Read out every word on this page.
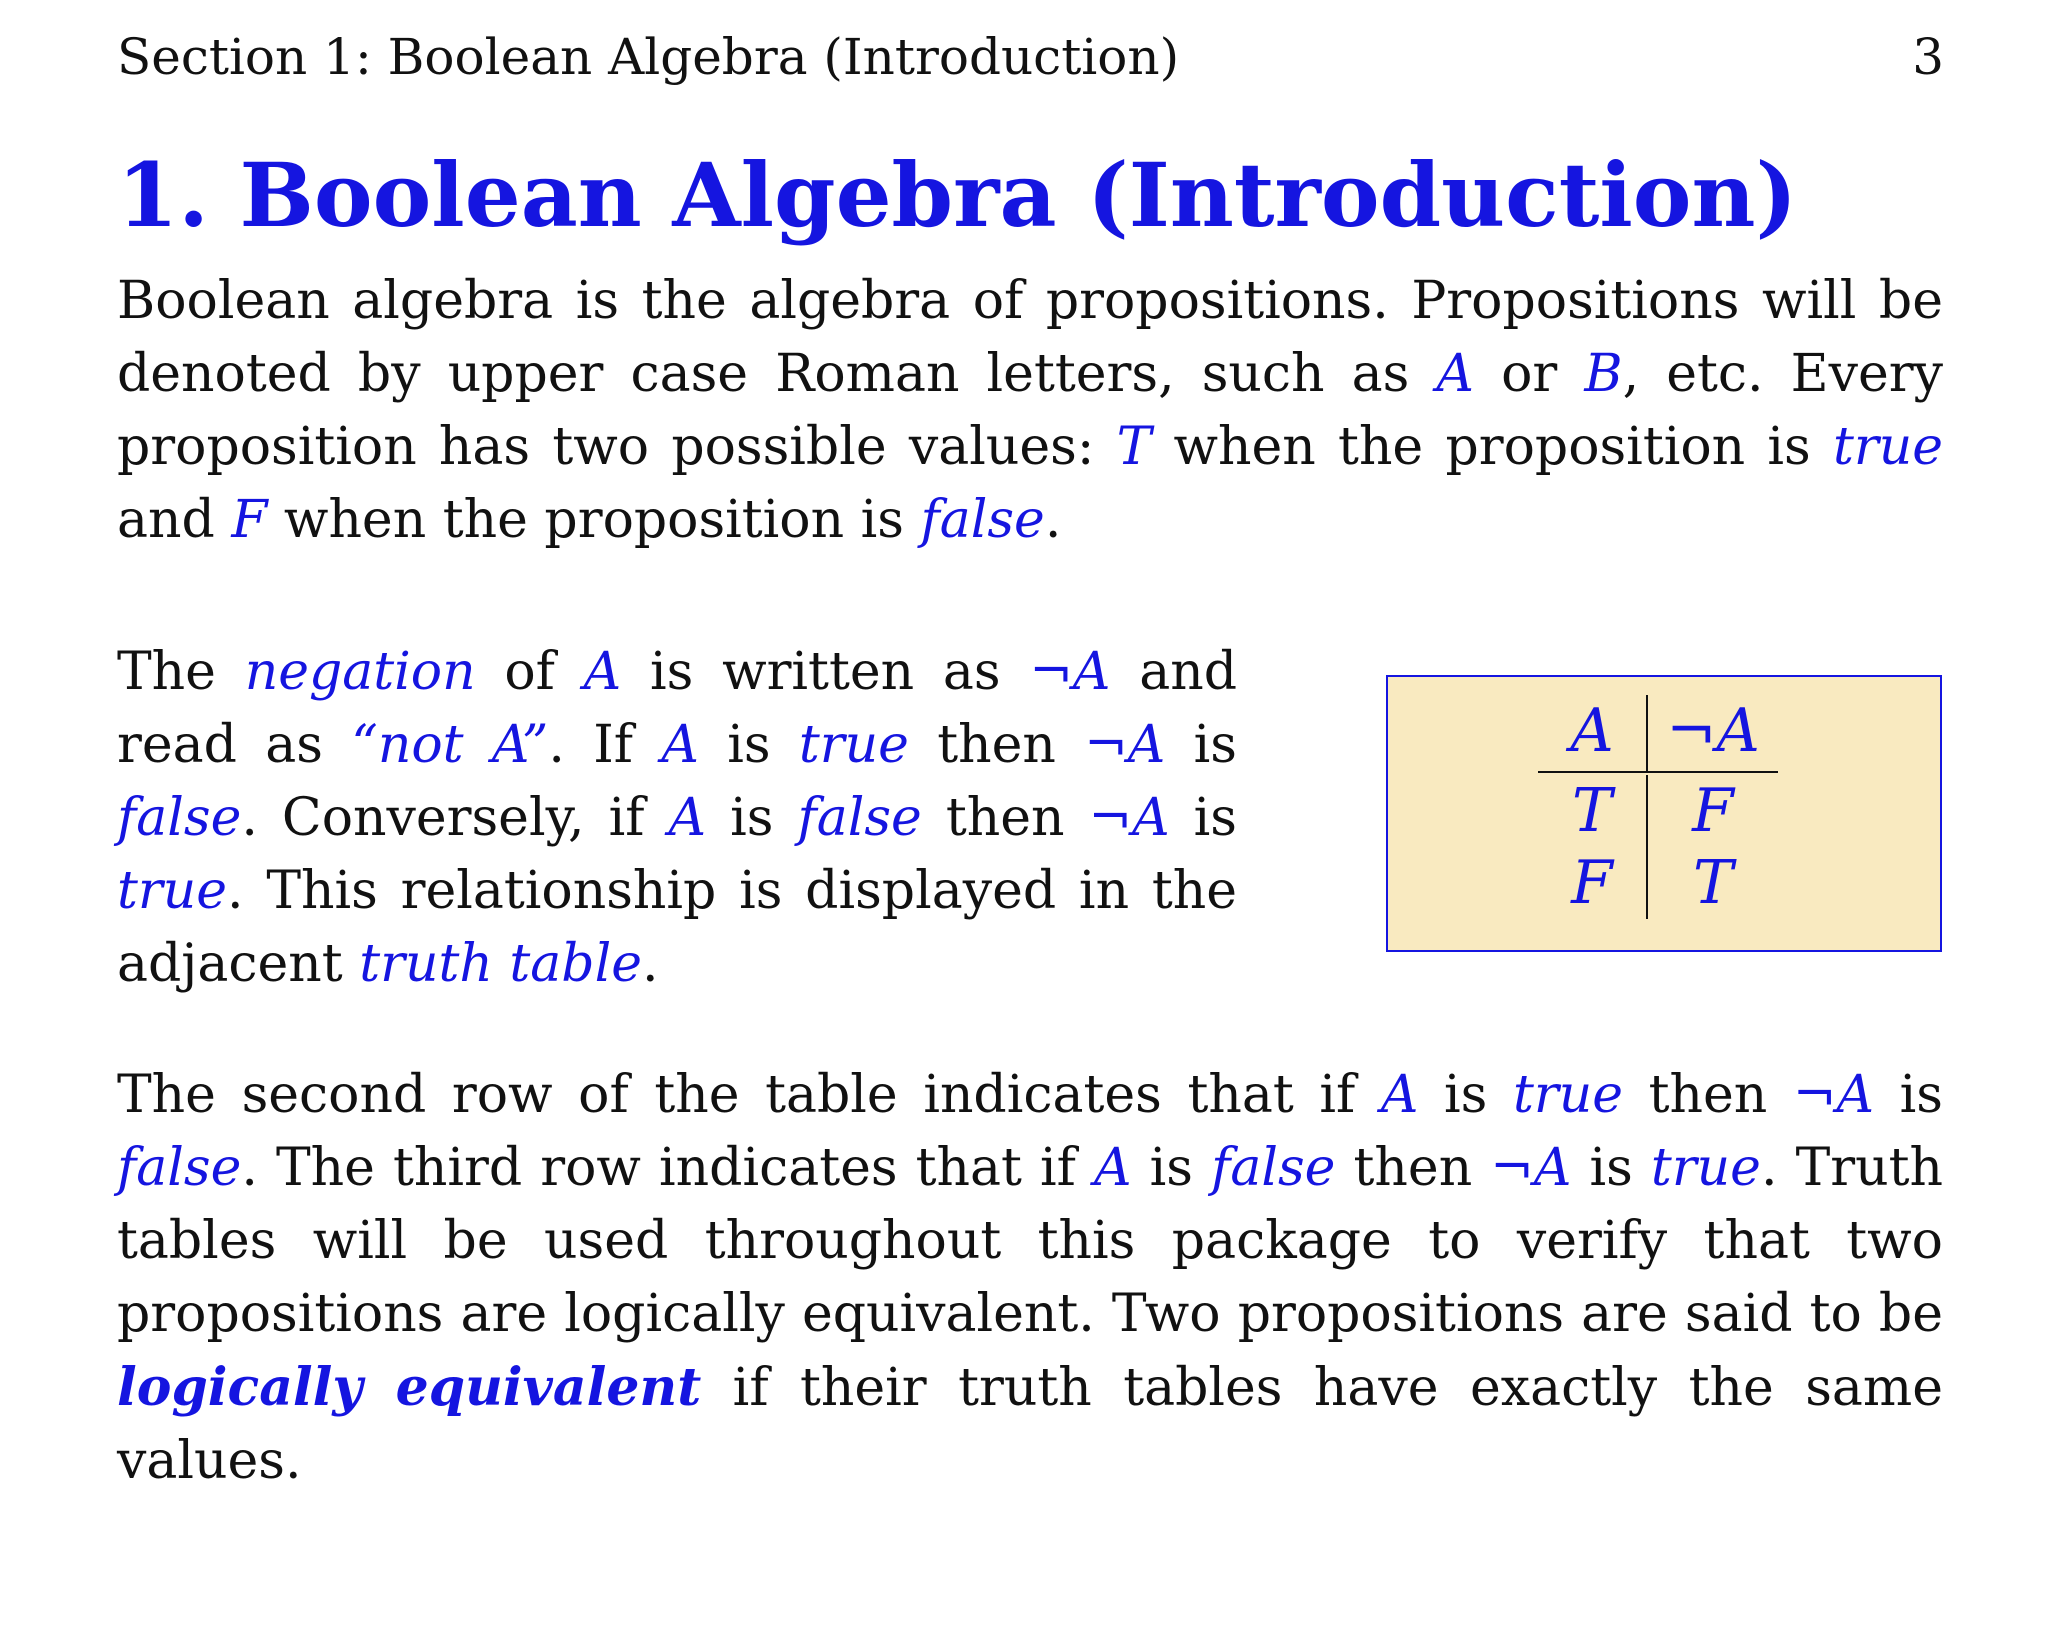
Section 1: Boolean Algebra (Introduction)	3
1. Boolean Algebra (Introduction)

Boolean algebra is the algebra of propositions. Propositions will be denoted by upper case Roman letters, such as A or B, etc. Every proposition has two possible values: T when the proposition is true and F when the proposition is false.

The negation of A is written as ¬A and read as “not A”. If A is true then ¬A is false. Conversely, if A is false then ¬A is true. This relationship is displayed in the adjacent truth table.

A ¬A
T	F
F	T

The second row of the table indicates that if A is true then ¬A is false. The third row indicates that if A is false then ¬A is true. Truth tables will be used throughout this package to verify that two propositions are logically equivalent. Two propositions are said to be logically equivalent if their truth tables have exactly the same values.
